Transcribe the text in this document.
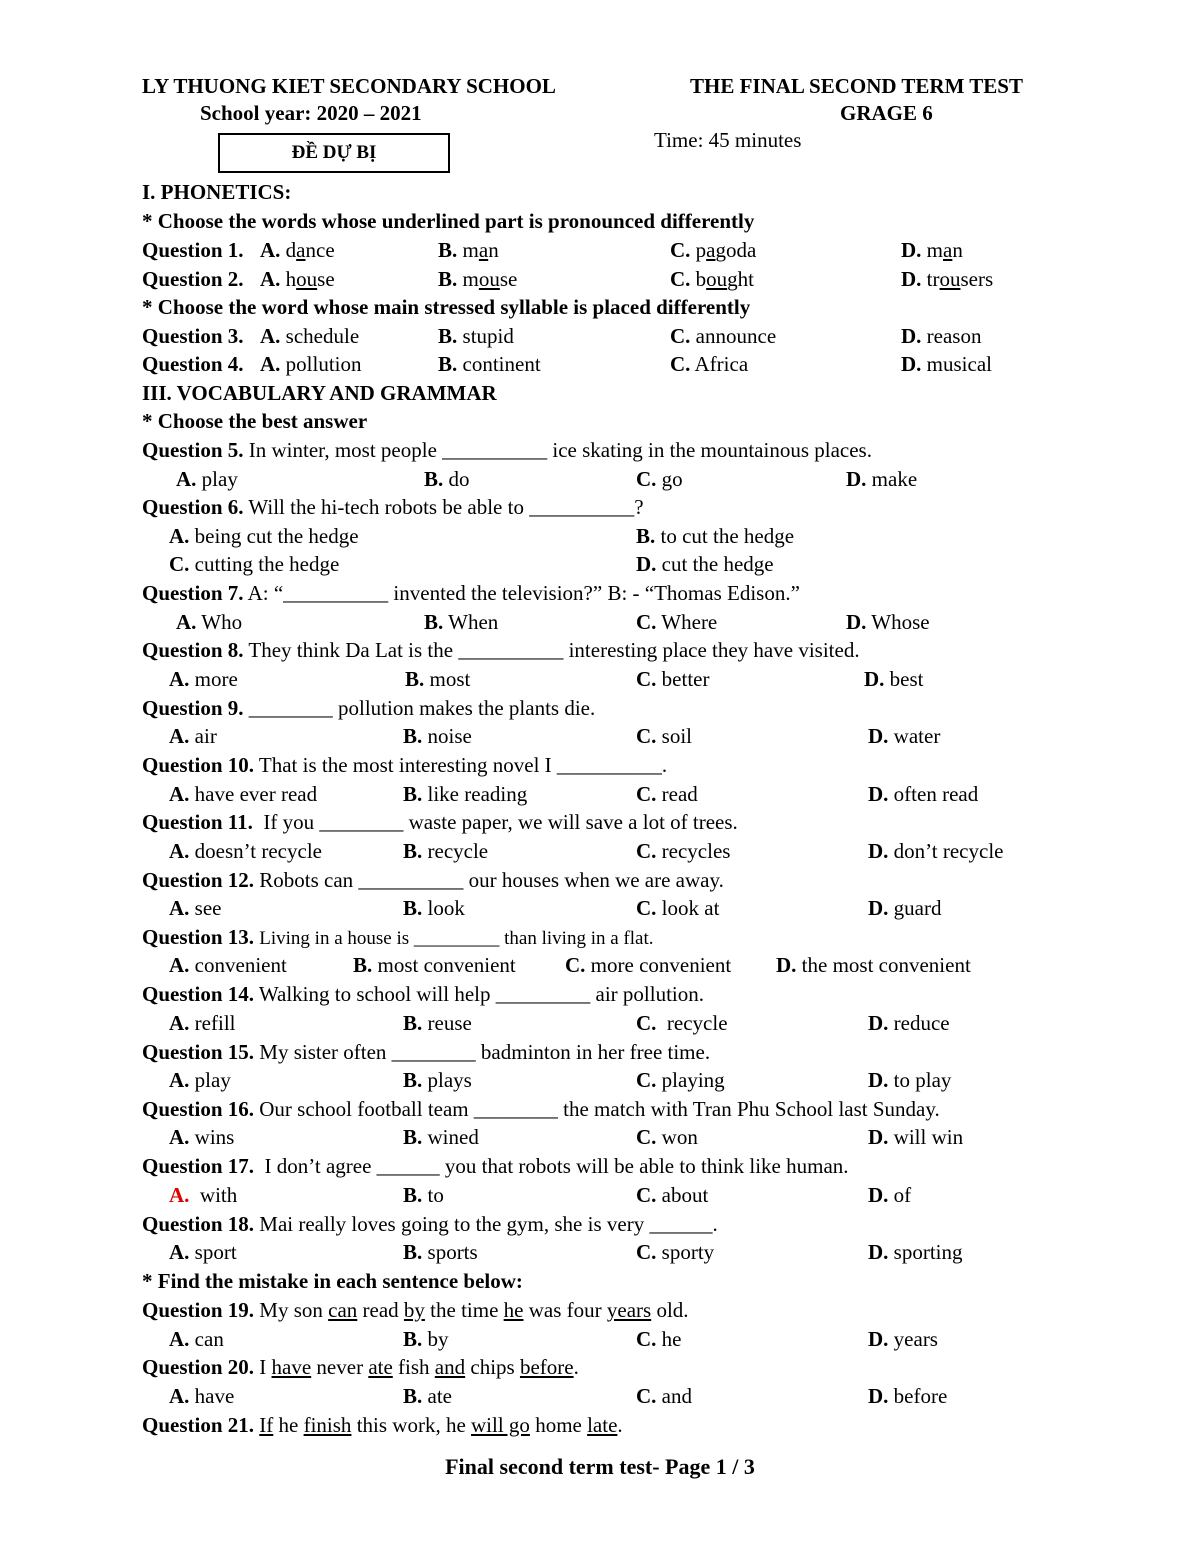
LY THUONG KIET SECONDARY SCHOOL	THE FINAL SECOND TERM TEST
School year: 2020 – 2021	GRAGE 6
Time: 45 minutes
ĐỀ DỰ BỊ
I. PHONETICS:
* Choose the words whose underlined part is pronounced differently
Question 1. A. dance	B. man	C. pagoda	D. man
Question 2. A. house	B. mouse	C. bought	D. trousers
* Choose the word whose main stressed syllable is placed differently
Question 3. A. schedule	B. stupid	C. announce	D. reason
Question 4. A. pollution	B. continent	C. Africa	D. musical
III. VOCABULARY AND GRAMMAR
* Choose the best answer
Question 5. In winter, most people __________ ice skating in the mountainous places.
A. play	B. do	C. go	D. make
Question 6. Will the hi-tech robots be able to __________?
A. being cut the hedge	B. to cut the hedge
C. cutting the hedge	D. cut the hedge
Question 7. A: “__________ invented the television?” B: - “Thomas Edison.”
A. Who	B. When	C. Where	D. Whose
Question 8. They think Da Lat is the __________ interesting place they have visited.
A. more	B. most	C. better	D. best
Question 9. ________ pollution makes the plants die.
A. air	B. noise	C. soil	D. water
Question 10. That is the most interesting novel I __________.
A. have ever read	B. like reading	C. read	D. often read
Question 11. If you ________ waste paper, we will save a lot of trees.
A. doesn’t recycle	B. recycle	C. recycles	D. don’t recycle
Question 12. Robots can __________ our houses when we are away.
A. see	B. look	C. look at	D. guard
Question 13. Living in a house is _________ than living in a flat.
A. convenient	B. most convenient C. more convenient D. the most convenient
Question 14. Walking to school will help _________ air pollution.
A. refill	B. reuse	C. recycle	D. reduce
Question 15. My sister often ________ badminton in her free time.
A. play	B. plays	C. playing	D. to play
Question 16. Our school football team ________ the match with Tran Phu School last Sunday.
A. wins	B. wined	C. won	D. will win
Question 17. I don’t agree ______ you that robots will be able to think like human.
A. with	B. to	C. about	D. of
Question 18. Mai really loves going to the gym, she is very ______.
A. sport	B. sports	C. sporty	D. sporting
* Find the mistake in each sentence below:
Question 19. My son can read by the time he was four years old.
A. can	B. by	C. he	D. years
Question 20. I have never ate fish and chips before.
A. have	B. ate	C. and	D. before
Question 21. If he finish this work, he will go home late.
Final second term test- Page 1 / 3
